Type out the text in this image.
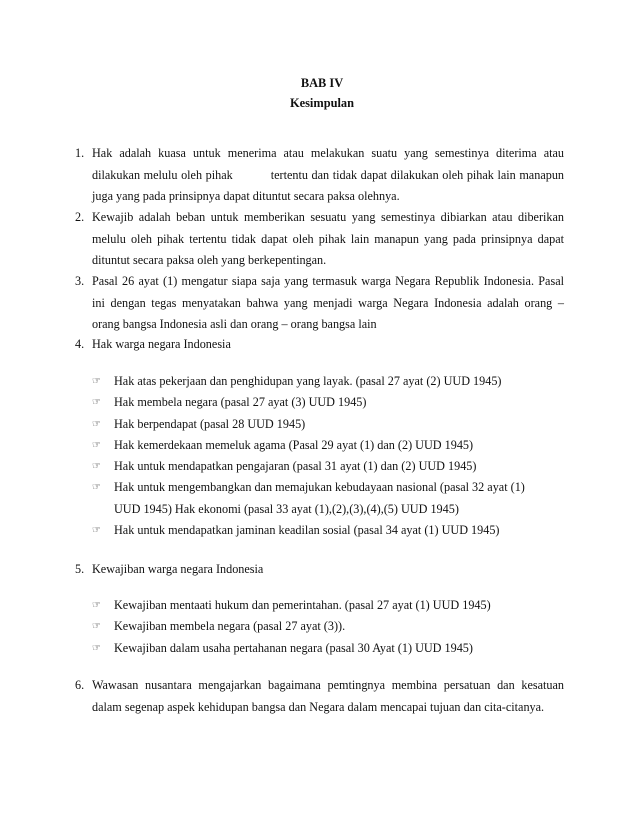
BAB IV
Kesimpulan
1. Hak adalah kuasa untuk menerima atau melakukan suatu yang semestinya diterima atau
dilakukan melulu oleh pihak	tertentu dan tidak dapat dilakukan oleh pihak lain manapun
juga yang pada prinsipnya dapat dituntut secara paksa olehnya.
2. Kewajib adalah beban untuk memberikan sesuatu yang semestinya dibiarkan atau diberikan
melulu oleh pihak tertentu tidak dapat oleh pihak lain manapun yang pada prinsipnya dapat
dituntut secara paksa oleh yang berkepentingan.
3. Pasal 26 ayat (1) mengatur siapa saja yang termasuk warga Negara Republik Indonesia. Pasal
ini dengan tegas menyatakan bahwa yang menjadi warga Negara Indonesia adalah orang –
orang bangsa Indonesia asli dan orang – orang bangsa lain
4. Hak warga negara Indonesia
☞ Hak atas pekerjaan dan penghidupan yang layak. (pasal 27 ayat (2) UUD 1945)
☞ Hak membela negara (pasal 27 ayat (3) UUD 1945)
☞ Hak berpendapat (pasal 28 UUD 1945)
☞ Hak kemerdekaan memeluk agama (Pasal 29 ayat (1) dan (2) UUD 1945)
☞ Hak untuk mendapatkan pengajaran (pasal 31 ayat (1) dan (2) UUD 1945)
☞ Hak untuk mengembangkan dan memajukan kebudayaan nasional (pasal 32 ayat (1)
UUD 1945) Hak ekonomi (pasal 33 ayat (1),(2),(3),(4),(5) UUD 1945)
☞ Hak untuk mendapatkan jaminan keadilan sosial (pasal 34 ayat (1) UUD 1945)
5. Kewajiban warga negara Indonesia
☞ Kewajiban mentaati hukum dan pemerintahan. (pasal 27 ayat (1) UUD 1945)
☞ Kewajiban membela negara (pasal 27 ayat (3)).
☞ Kewajiban dalam usaha pertahanan negara (pasal 30 Ayat (1) UUD 1945)
6. Wawasan nusantara mengajarkan bagaimana pemtingnya membina persatuan dan kesatuan
dalam segenap aspek kehidupan bangsa dan Negara dalam mencapai tujuan dan cita-citanya.
